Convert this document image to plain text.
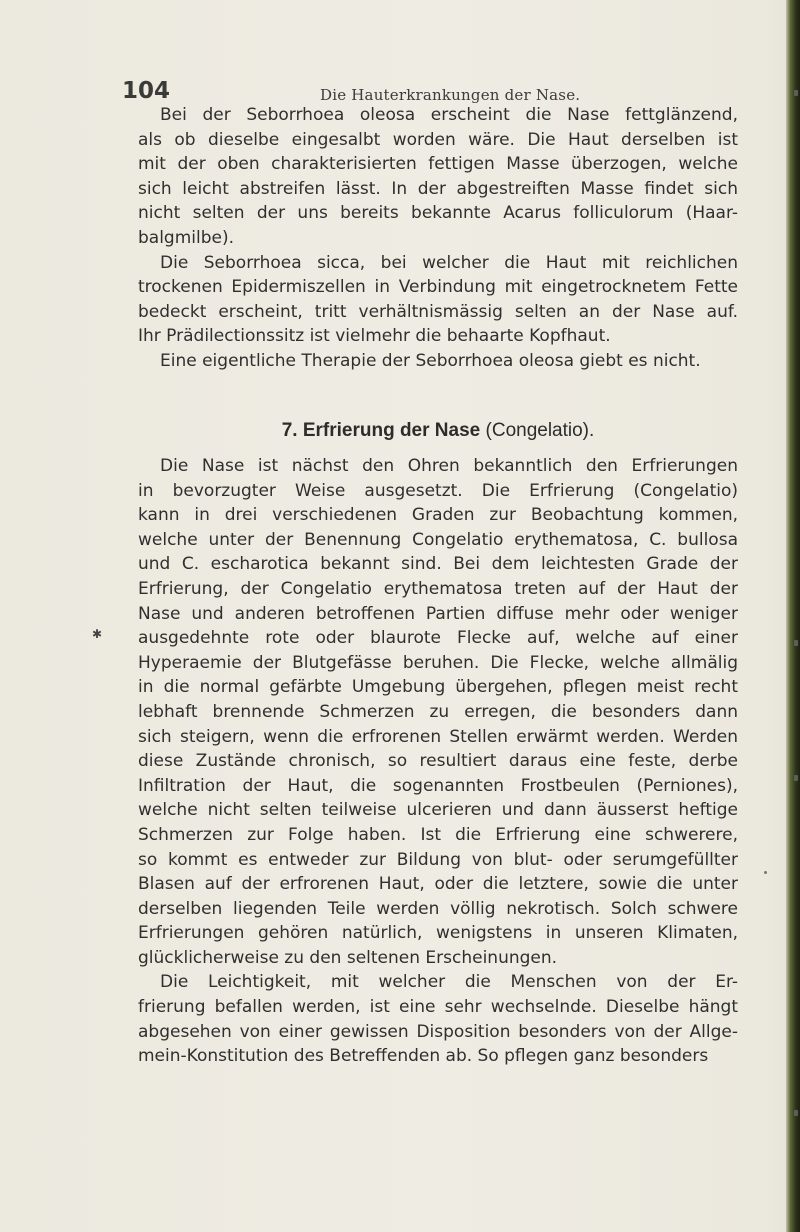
104	Die Hauterkrankungen der Nase.
Bei der Seborrhoea oleosa erscheint die Nase fettglänzend,
als ob dieselbe eingesalbt worden wäre. Die Haut derselben ist
mit der oben charakterisierten fettigen Masse überzogen, welche
sich leicht abstreifen lässt. In der abgestreiften Masse findet sich
nicht selten der uns bereits bekannte Acarus folliculorum (Haar-
balgmilbe).
Die Seborrhoea sicca, bei welcher die Haut mit reichlichen
trockenen Epidermiszellen in Verbindung mit eingetrocknetem Fette
bedeckt erscheint, tritt verhältnismässig selten an der Nase auf.
Ihr Prädilectionssitz ist vielmehr die behaarte Kopfhaut.
Eine eigentliche Therapie der Seborrhoea oleosa giebt es nicht.
7. Erfrierung der Nase (Congelatio).
Die Nase ist nächst den Ohren bekanntlich den Erfrierungen
in bevorzugter Weise ausgesetzt. Die Erfrierung (Congelatio)
kann in drei verschiedenen Graden zur Beobachtung kommen,
welche unter der Benennung Congelatio erythematosa, C. bullosa
und C. escharotica bekannt sind. Bei dem leichtesten Grade der
Erfrierung, der Congelatio erythematosa treten auf der Haut der
Nase und anderen betroffenen Partien diffuse mehr oder weniger
ausgedehnte rote oder blaurote Flecke auf, welche auf einer
Hyperaemie der Blutgefässe beruhen. Die Flecke, welche allmälig
in die normal gefärbte Umgebung übergehen, pflegen meist recht
lebhaft brennende Schmerzen zu erregen, die besonders dann
sich steigern, wenn die erfrorenen Stellen erwärmt werden. Werden
diese Zustände chronisch, so resultiert daraus eine feste, derbe
Infiltration der Haut, die sogenannten Frostbeulen (Perniones),
welche nicht selten teilweise ulcerieren und dann äusserst heftige
Schmerzen zur Folge haben. Ist die Erfrierung eine schwerere,
so kommt es entweder zur Bildung von blut- oder serumgefüllter
Blasen auf der erfrorenen Haut, oder die letztere, sowie die unter
derselben liegenden Teile werden völlig nekrotisch. Solch schwere
Erfrierungen gehören natürlich, wenigstens in unseren Klimaten,
glücklicherweise zu den seltenen Erscheinungen.
Die Leichtigkeit, mit welcher die Menschen von der Er-
frierung befallen werden, ist eine sehr wechselnde. Dieselbe hängt
abgesehen von einer gewissen Disposition besonders von der Allge-
mein-Konstitution des Betreffenden ab. So pflegen ganz besonders
✱
